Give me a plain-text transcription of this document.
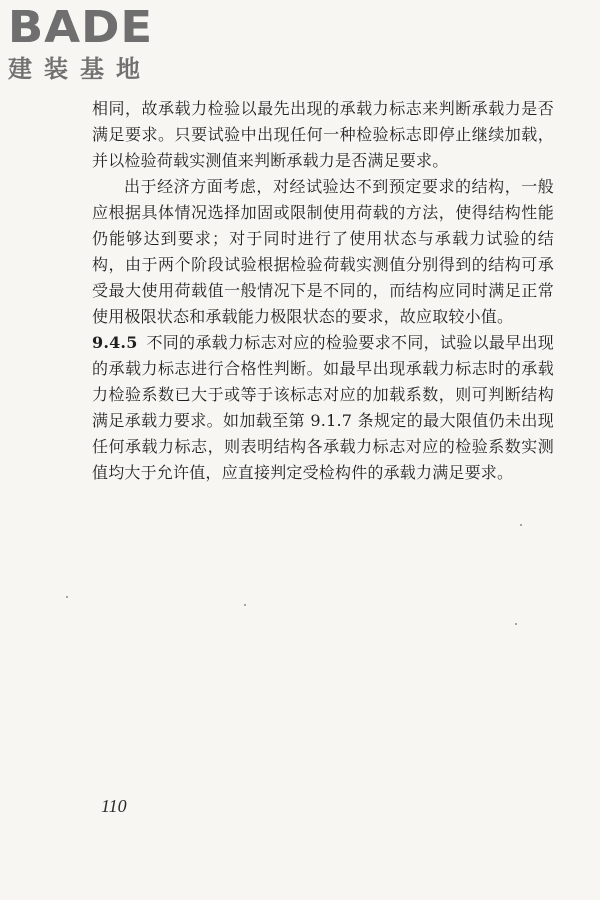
BADE
建装基地

相同，故承载力检验以最先出现的承载力标志来判断承载力是否满足要求。只要试验中出现任何一种检验标志即停止继续加载，并以检验荷载实测值来判断承载力是否满足要求。

出于经济方面考虑，对经试验达不到预定要求的结构，一般应根据具体情况选择加固或限制使用荷载的方法，使得结构性能仍能够达到要求；对于同时进行了使用状态与承载力试验的结构，由于两个阶段试验根据检验荷载实测值分别得到的结构可承受最大使用荷载值一般情况下是不同的，而结构应同时满足正常使用极限状态和承载能力极限状态的要求，故应取较小值。

9.4.5 不同的承载力标志对应的检验要求不同，试验以最早出现的承载力标志进行合格性判断。如最早出现承载力标志时的承载力检验系数已大于或等于该标志对应的加载系数，则可判断结构满足承载力要求。如加载至第 9.1.7 条规定的最大限值仍未出现任何承载力标志，则表明结构各承载力标志对应的检验系数实测值均大于允许值，应直接判定受检构件的承载力满足要求。

110
